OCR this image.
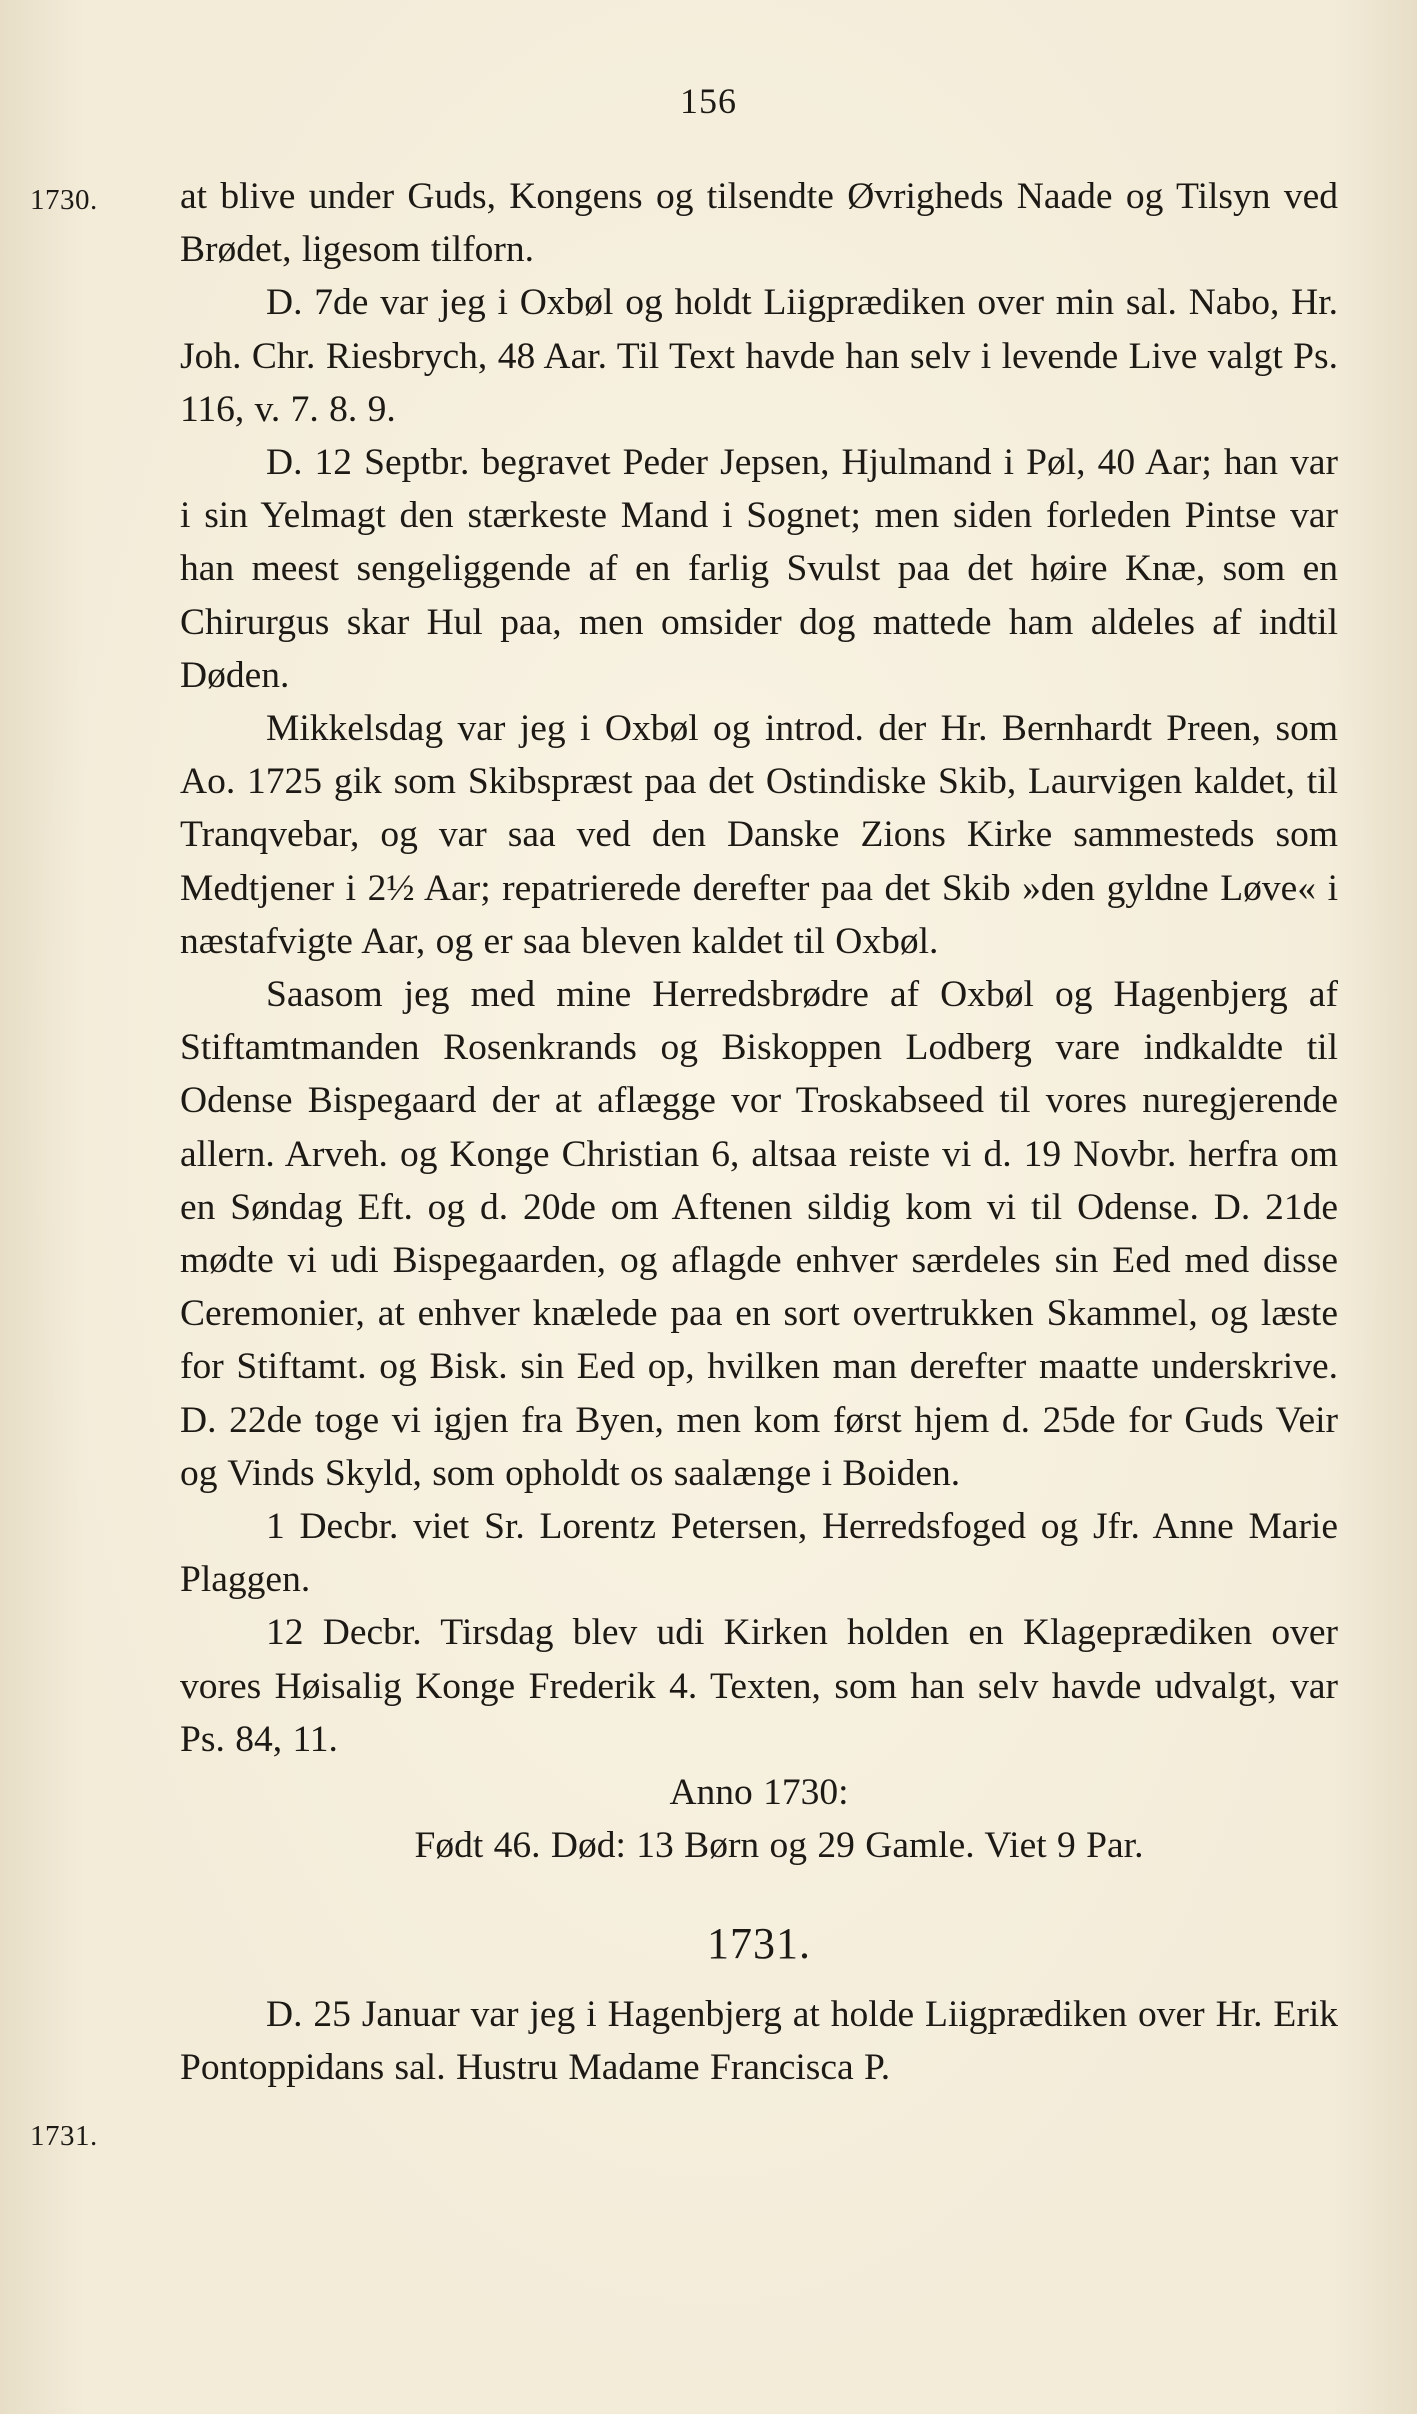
156
1730.
1731.

at blive under Guds, Kongens og tilsendte Øvrigheds Naade og Tilsyn ved Brødet, ligesom tilforn.

D. 7de var jeg i Oxbøl og holdt Liigprædiken over min sal. Nabo, Hr. Joh. Chr. Riesbrych, 48 Aar. Til Text havde han selv i levende Live valgt Ps. 116, v. 7. 8. 9.

D. 12 Septbr. begravet Peder Jepsen, Hjulmand i Pøl, 40 Aar; han var i sin Yelmagt den stærkeste Mand i Sognet; men siden forleden Pintse var han meest sengeliggende af en farlig Svulst paa det høire Knæ, som en Chirurgus skar Hul paa, men omsider dog mattede ham aldeles af indtil Døden.

Mikkelsdag var jeg i Oxbøl og introd. der Hr. Bernhardt Preen, som Ao. 1725 gik som Skibspræst paa det Ostindiske Skib, Laurvigen kaldet, til Tranqvebar, og var saa ved den Danske Zions Kirke sammesteds som Medtjener i 2½ Aar; repatrierede derefter paa det Skib »den gyldne Løve« i næstafvigte Aar, og er saa bleven kaldet til Oxbøl.

Saasom jeg med mine Herredsbrødre af Oxbøl og Hagenbjerg af Stiftamtmanden Rosenkrands og Biskoppen Lodberg vare indkaldte til Odense Bispegaard der at aflægge vor Troskabseed til vores nuregjerende allern. Arveh. og Konge Christian 6, altsaa reiste vi d. 19 Novbr. herfra om en Søndag Eft. og d. 20de om Aftenen sildig kom vi til Odense. D. 21de mødte vi udi Bispegaarden, og aflagde enhver særdeles sin Eed med disse Ceremonier, at enhver knælede paa en sort overtrukken Skammel, og læste for Stiftamt. og Bisk. sin Eed op, hvilken man derefter maatte underskrive. D. 22de toge vi igjen fra Byen, men kom først hjem d. 25de for Guds Veir og Vinds Skyld, som opholdt os saalænge i Boiden.

1 Decbr. viet Sr. Lorentz Petersen, Herredsfoged og Jfr. Anne Marie Plaggen.

12 Decbr. Tirsdag blev udi Kirken holden en Klageprædiken over vores Høisalig Konge Frederik 4. Texten, som han selv havde udvalgt, var Ps. 84, 11.

Anno 1730:

Født 46. Død: 13 Børn og 29 Gamle. Viet 9 Par.

1731.

D. 25 Januar var jeg i Hagenbjerg at holde Liigprædiken over Hr. Erik Pontoppidans sal. Hustru Madame Francisca P.
